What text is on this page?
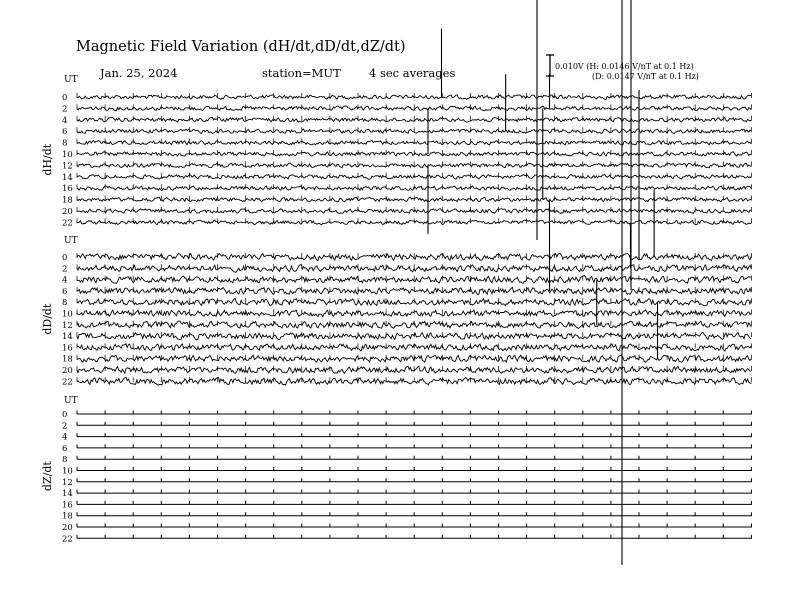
Magnetic Field Variation (dH/dt,dD/dt,dZ/dt)
Jan. 25, 2024	station=MUT 4 sec averages	0.010V (H: 0.0146 V/nT at 0.1 Hz)
(D: 0.0147 V/nT at 0.1 Hz)
UT
dH/dt
0
2
4
6
8
10
12
14
16
18
20
22
UT
dD/dt
0
2
4
6
8
10
12
14
16
18
20
22
UT
dZ/dt
0
2
4
6
8
10
12
14
16
18
20
22
